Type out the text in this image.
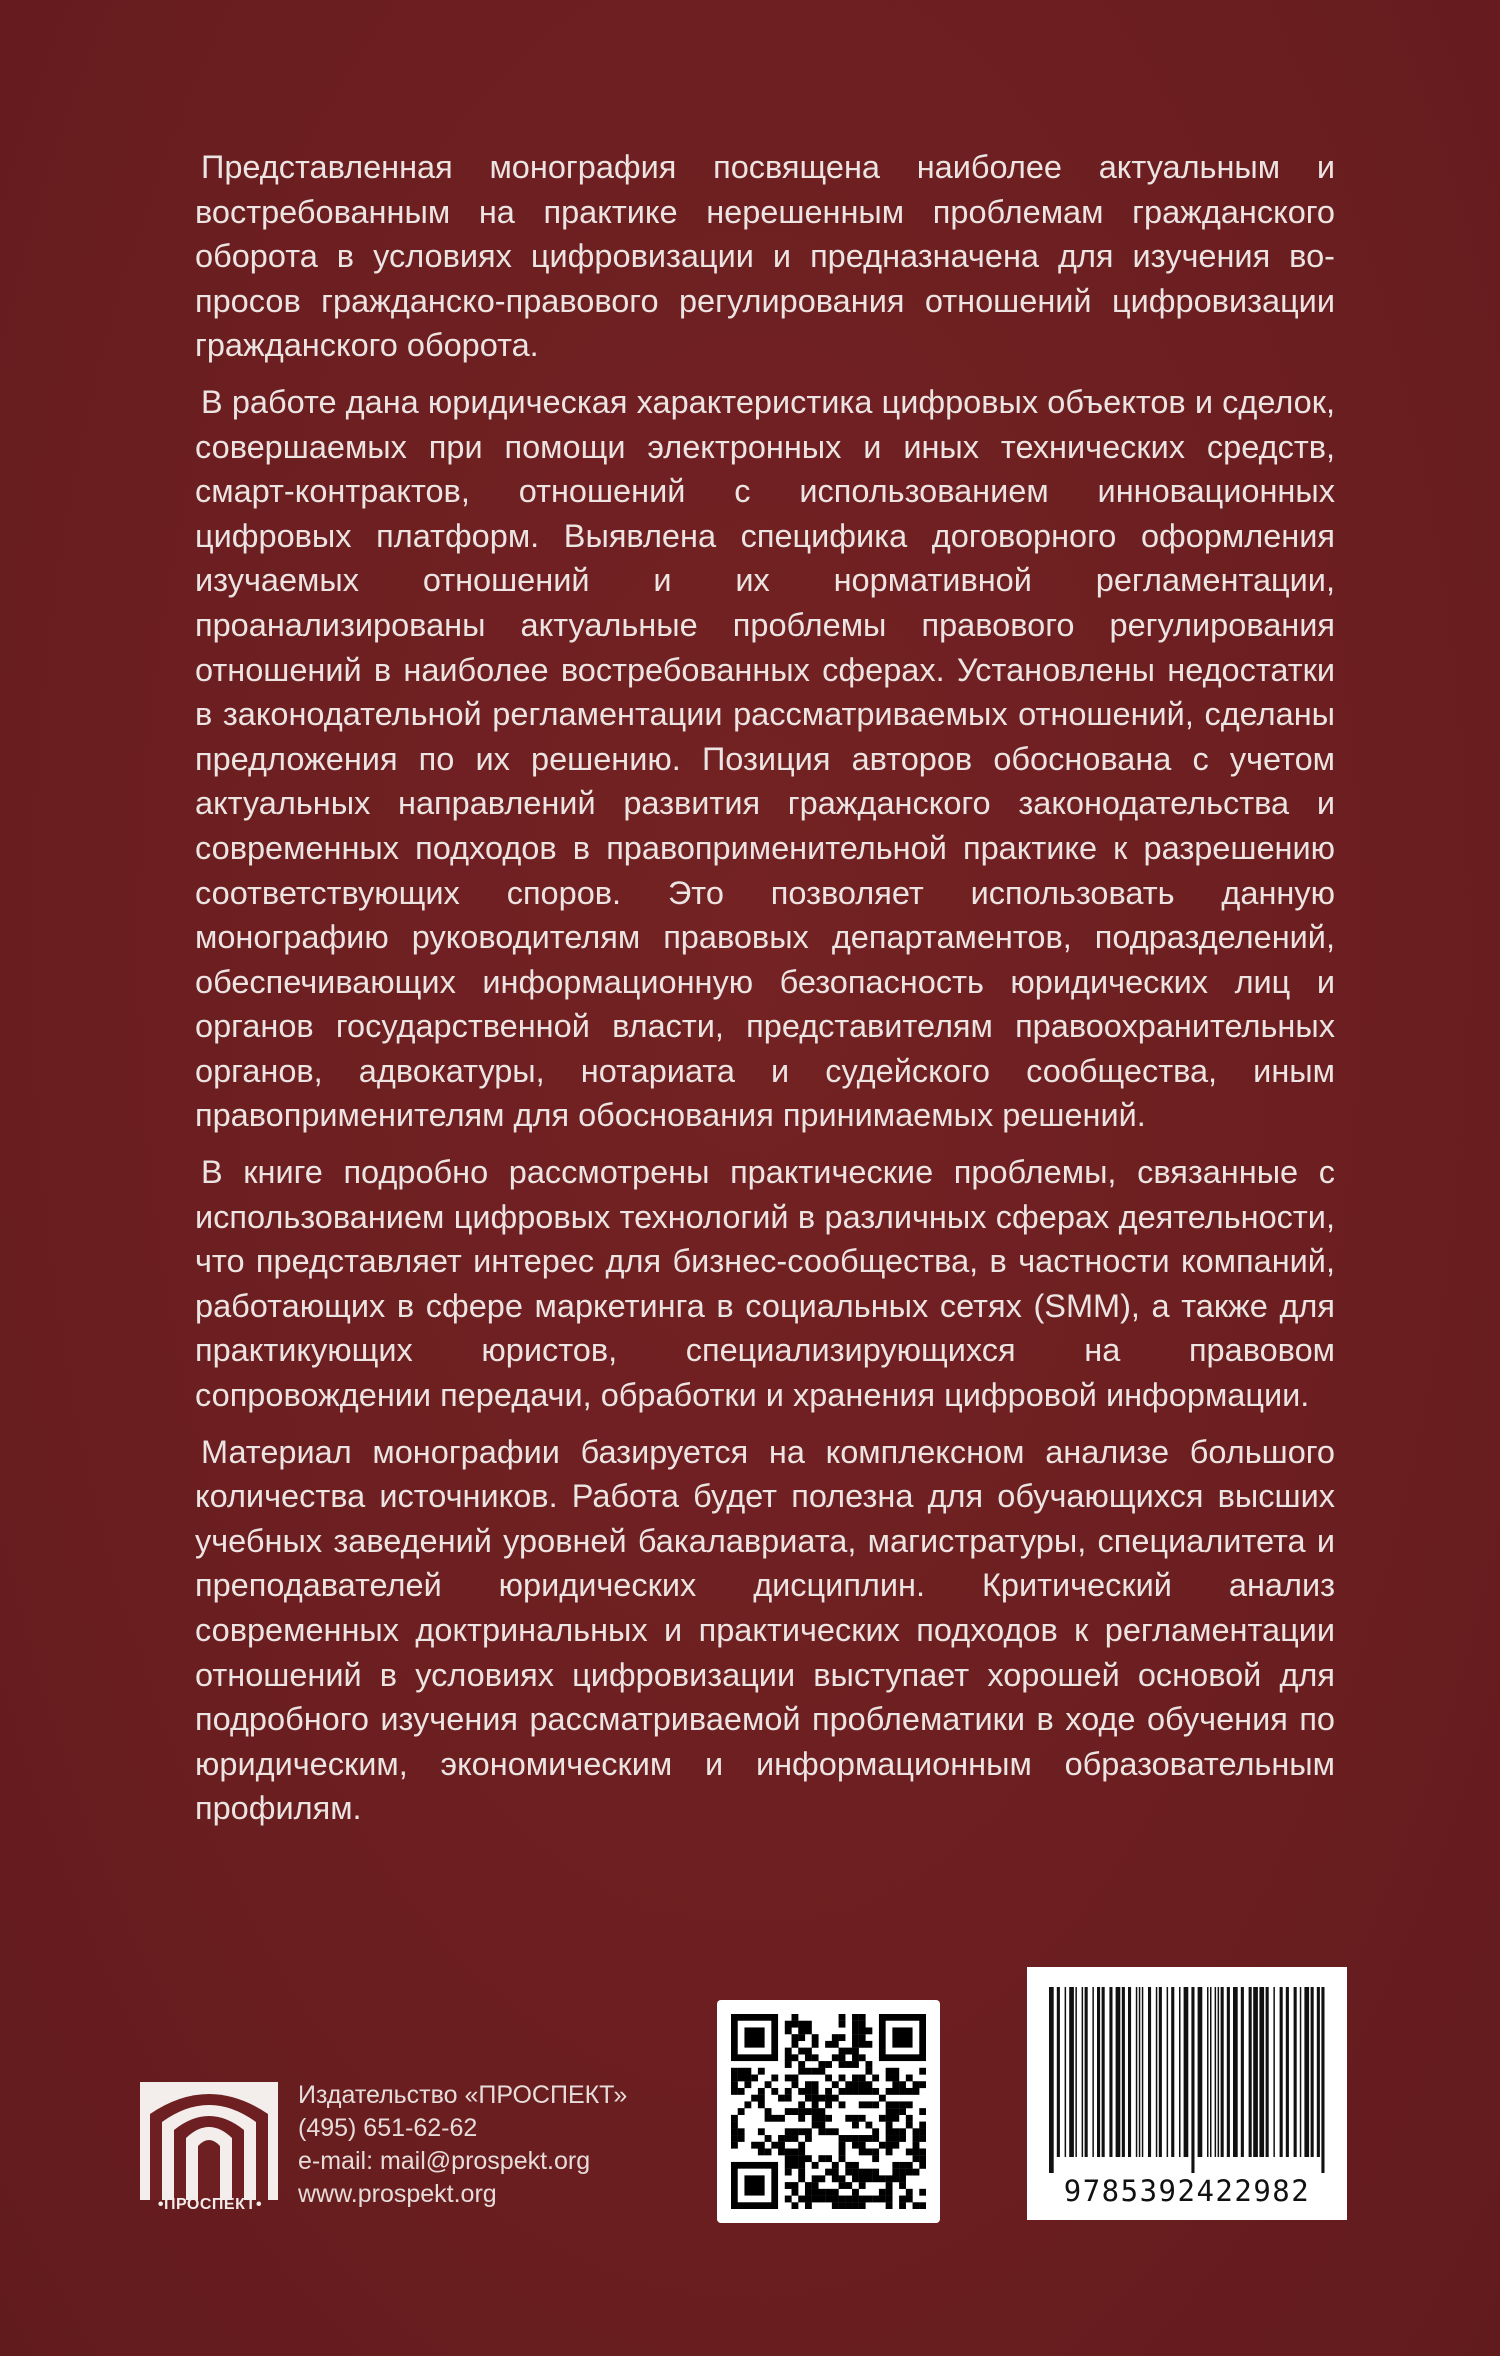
Представленная монография посвящена наиболее актуальным и востребованным на практике нерешенным проблемам гражданского оборота в условиях цифровизации и предназначена для изучения вопросов гражданско-правового регулирования отношений цифровизации гражданского оборота.

В работе дана юридическая характеристика цифровых объектов и сделок, совершаемых при помощи электронных и иных технических средств, смарт-контрактов, отношений с использованием инновационных цифровых платформ. Выявлена специфика договорного оформления изучаемых отношений и их нормативной регламентации, проанализированы актуальные проблемы правового регулирования отношений в наиболее востребованных сферах. Установлены недостатки в законодательной регламентации рассматриваемых отношений, сделаны предложения по их решению. Позиция авторов обоснована с учетом актуальных направлений развития гражданского законодательства и современных подходов в правоприменительной практике к разрешению соответствующих споров. Это позволяет использовать данную монографию руководителям правовых департаментов, подразделений, обеспечивающих информационную безопасность юридических лиц и органов государственной власти, представителям правоохранительных органов, адвокатуры, нотариата и судейского сообщества, иным правоприменителям для обоснования принимаемых решений.

В книге подробно рассмотрены практические проблемы, связанные с использованием цифровых технологий в различных сферах деятельности, что представляет интерес для бизнес-сообщества, в частности компаний, работающих в сфере маркетинга в социальных сетях (SMM), а также для практикующих юристов, специализирующихся на правовом сопровождении передачи, обработки и хранения цифровой информации.

Материал монографии базируется на комплексном анализе большого количества источников. Работа будет полезна для обучающихся высших учебных заведений уровней бакалавриата, магистратуры, специалитета и преподавателей юридических дисциплин. Критический анализ современных доктринальных и практических подходов к регламентации отношений в условиях цифровизации выступает хорошей основой для подробного изучения рассматриваемой проблематики в ходе обучения по юридическим, экономическим и информационным образовательным профилям.

•ПРОСПЕКТ•
Издательство «ПРОСПЕКТ»
(495) 651-62-62
e-mail: mail@prospekt.org
www.prospekt.org	9785392422982
